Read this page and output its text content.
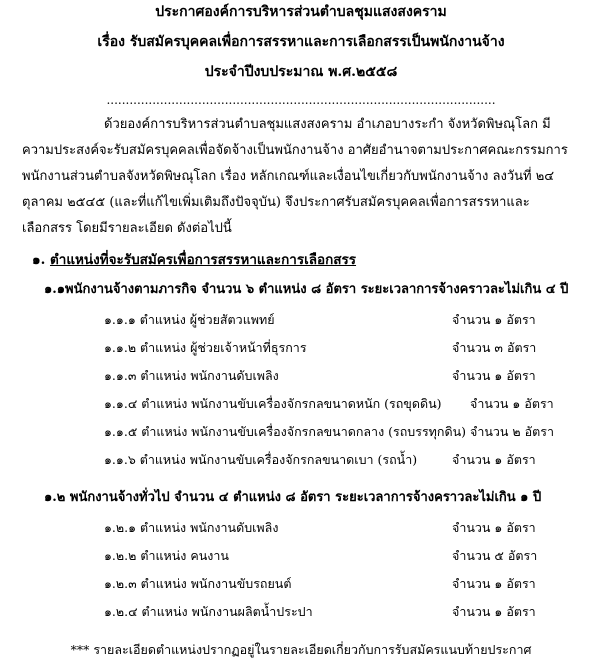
ประกาศองค์การบริหารส่วนตำบลชุมแสงสงคราม
เรื่อง รับสมัครบุคคลเพื่อการสรรหาและการเลือกสรรเป็นพนักงานจ้าง
ประจำปีงบประมาณ พ.ศ.๒๕๕๘
......................................................................................................
ด้วยองค์การบริหารส่วนตำบลชุมแสงสงคราม อำเภอบางระกำ จังหวัดพิษณุโลก มี
ความประสงค์จะรับสมัครบุคคลเพื่อจัดจ้างเป็นพนักงานจ้าง อาศัยอำนาจตามประกาศคณะกรรมการ
พนักงานส่วนตำบลจังหวัดพิษณุโลก เรื่อง หลักเกณฑ์และเงื่อนไขเกี่ยวกับพนักงานจ้าง ลงวันที่ ๒๔
ตุลาคม ๒๕๔๕ (และที่แก้ไขเพิ่มเติมถึงปัจจุบัน) จึงประกาศรับสมัครบุคคลเพื่อการสรรหาและ
เลือกสรร โดยมีรายละเอียด ดังต่อไปนี้
๑. ตำแหน่งที่จะรับสมัครเพื่อการสรรหาและการเลือกสรร
๑.๑พนักงานจ้างตามภารกิจ จำนวน ๖ ตำแหน่ง ๘ อัตรา ระยะเวลาการจ้างคราวละไม่เกิน ๔ ปี
๑.๑.๑ ตำแหน่ง ผู้ช่วยสัตวแพทย์	จำนวน ๑ อัตรา
๑.๑.๒ ตำแหน่ง ผู้ช่วยเจ้าหน้าที่ธุรการ	จำนวน ๓ อัตรา
๑.๑.๓ ตำแหน่ง พนักงานดับเพลิง	จำนวน ๑ อัตรา
๑.๑.๔ ตำแหน่ง พนักงานขับเครื่องจักรกลขนาดหนัก (รถขุดดิน) จำนวน ๑ อัตรา
๑.๑.๕ ตำแหน่ง พนักงานขับเครื่องจักรกลขนาดกลาง (รถบรรทุกดิน) จำนวน ๒ อัตรา
๑.๑.๖ ตำแหน่ง พนักงานขับเครื่องจักรกลขนาดเบา (รถน้ำ)	จำนวน ๑ อัตรา
๑.๒ พนักงานจ้างทั่วไป จำนวน ๔ ตำแหน่ง ๘ อัตรา ระยะเวลาการจ้างคราวละไม่เกิน ๑ ปี
๑.๒.๑ ตำแหน่ง พนักงานดับเพลิง	จำนวน ๑ อัตรา
๑.๒.๒ ตำแหน่ง คนงาน	จำนวน ๕ อัตรา
๑.๒.๓ ตำแหน่ง พนักงานขับรถยนต์	จำนวน ๑ อัตรา
๑.๒.๔ ตำแหน่ง พนักงานผลิตน้ำประปา	จำนวน ๑ อัตรา
*** รายละเอียดตำแหน่งปรากฏอยู่ในรายละเอียดเกี่ยวกับการรับสมัครแนบท้ายประกาศ
